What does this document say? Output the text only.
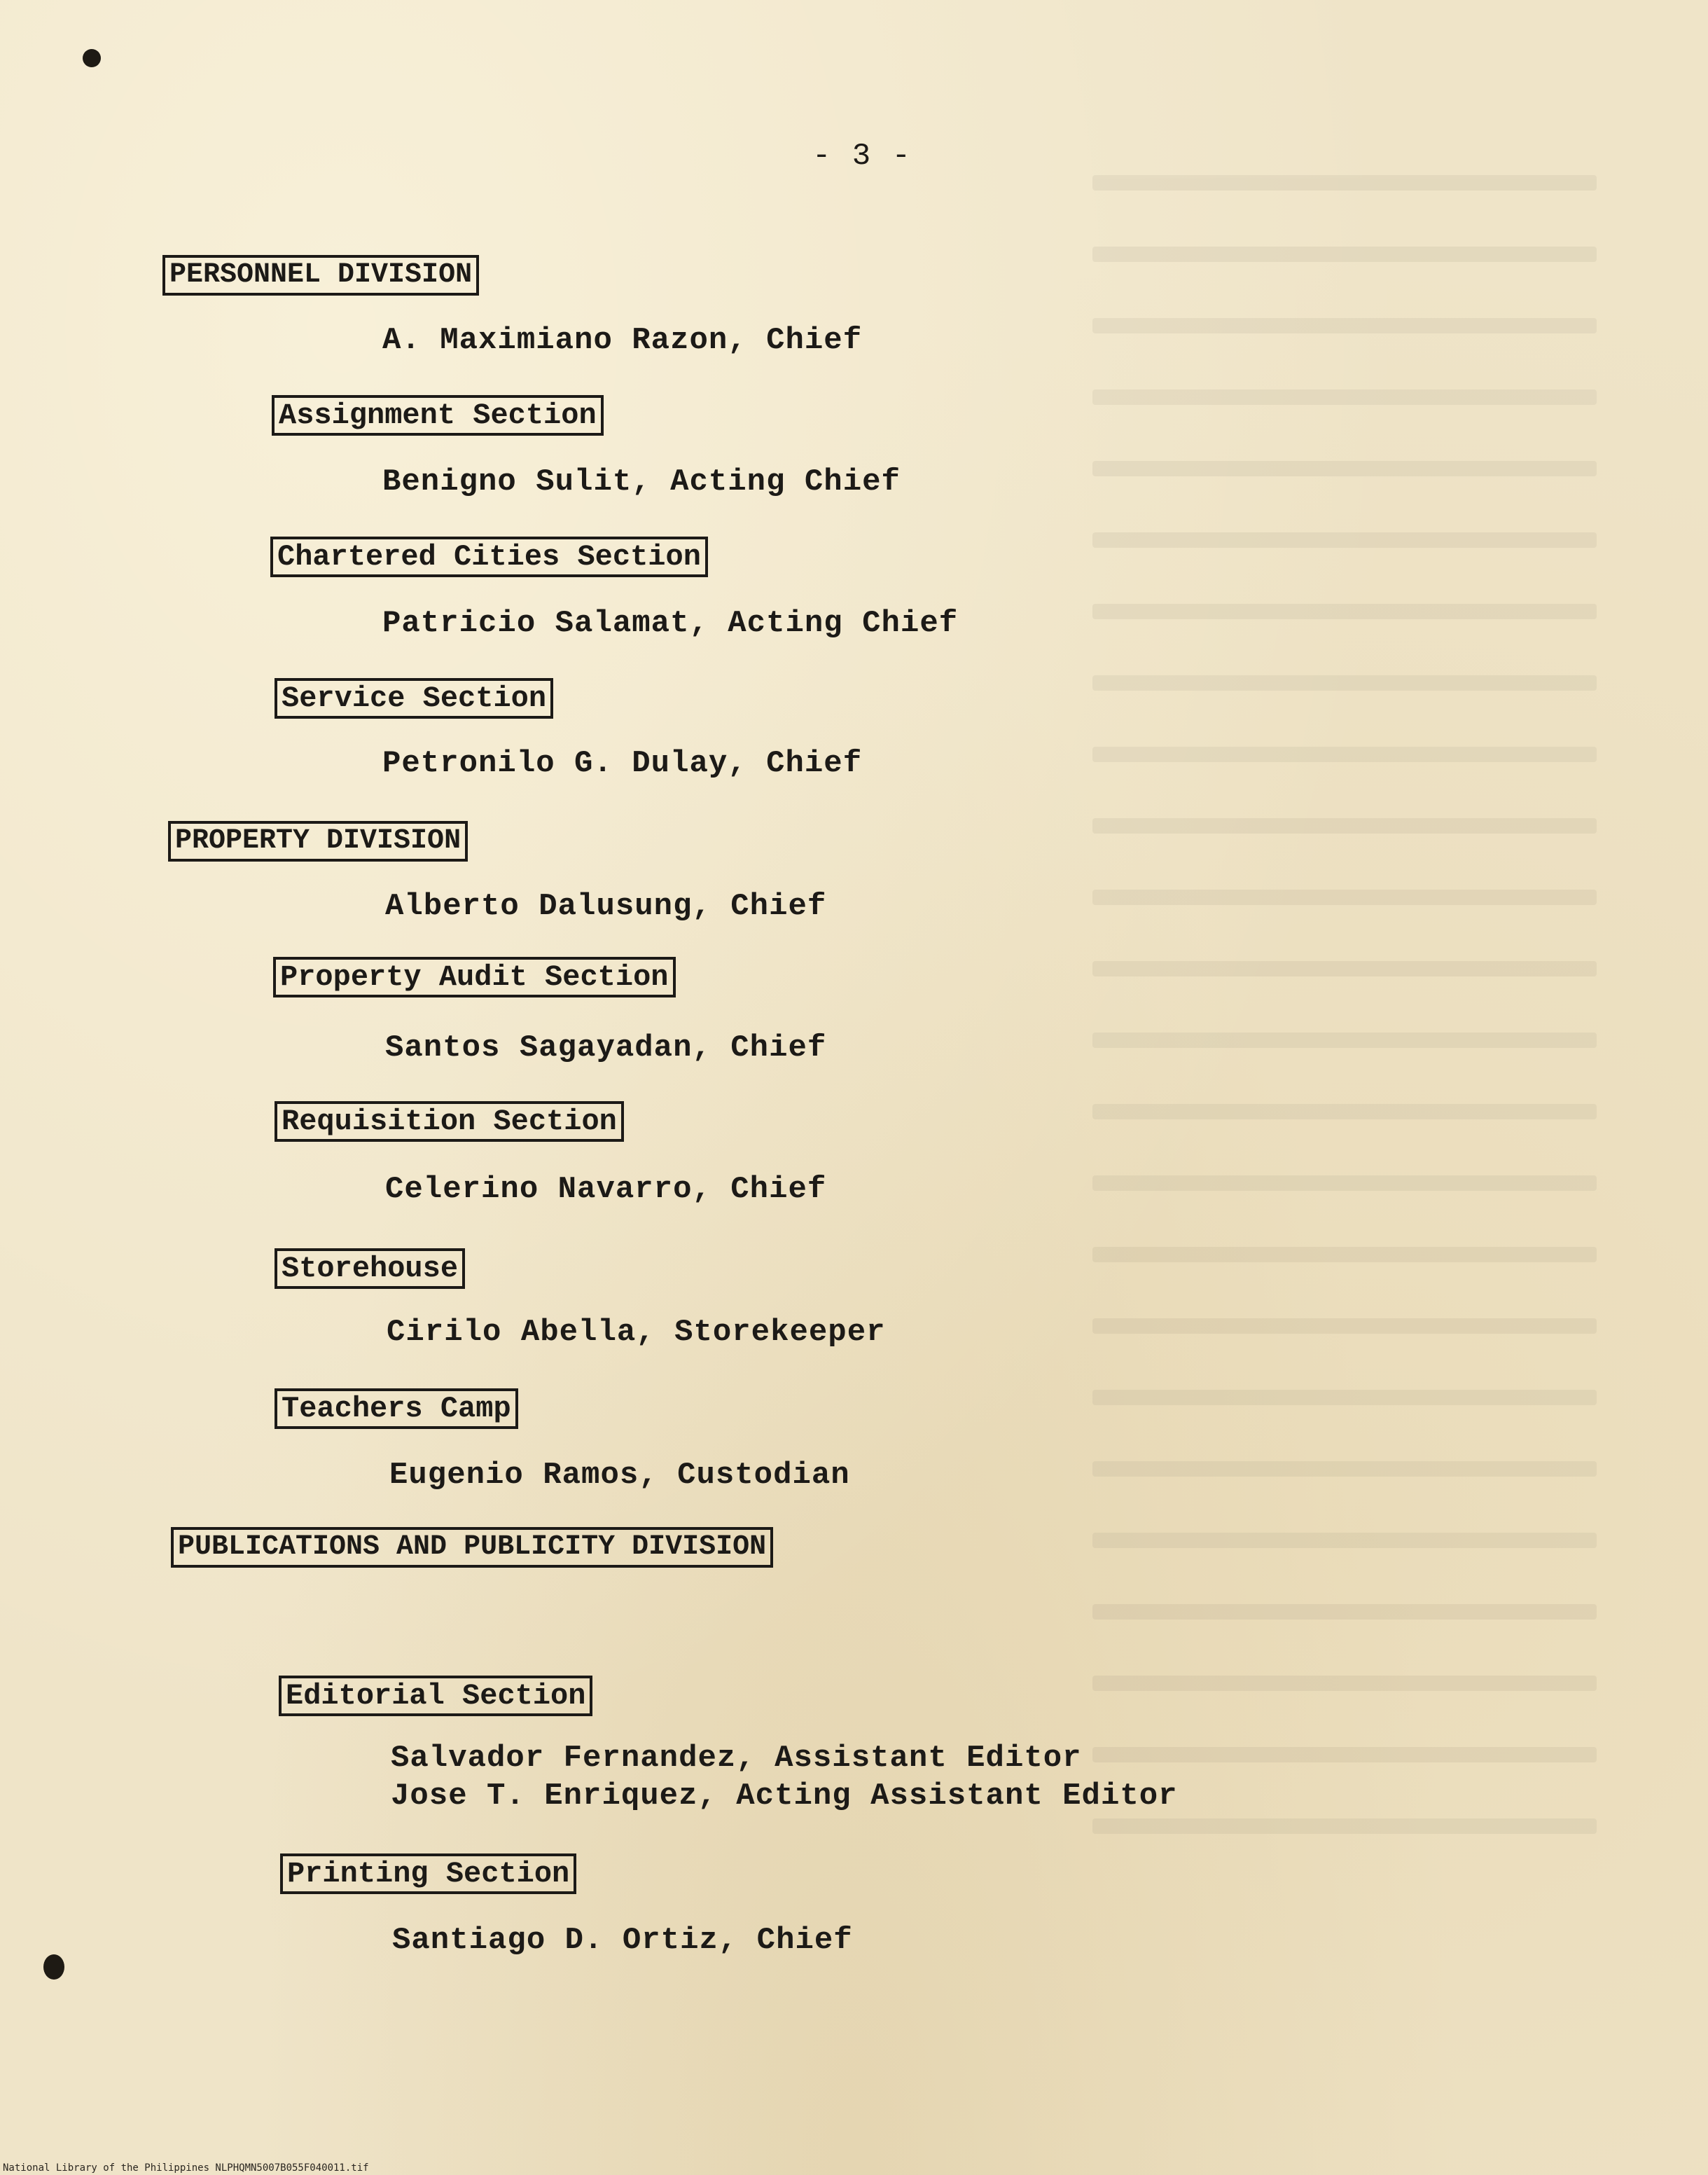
- 3 -
PERSONNEL DIVISION
A. Maximiano Razon, Chief
Assignment Section
Benigno Sulit, Acting Chief
Chartered Cities Section
Patricio Salamat, Acting Chief
Service Section
Petronilo G. Dulay, Chief
PROPERTY DIVISION
Alberto Dalusung, Chief
Property Audit Section
Santos Sagayadan, Chief
Requisition Section
Celerino Navarro, Chief
Storehouse
Cirilo Abella, Storekeeper
Teachers Camp
Eugenio Ramos, Custodian
PUBLICATIONS AND PUBLICITY DIVISION
Editorial Section
Salvador Fernandez, Assistant Editor
Jose T. Enriquez, Acting Assistant Editor
Printing Section
Santiago D. Ortiz, Chief
National Library of the Philippines NLPHQMN5007B055F040011.tif
